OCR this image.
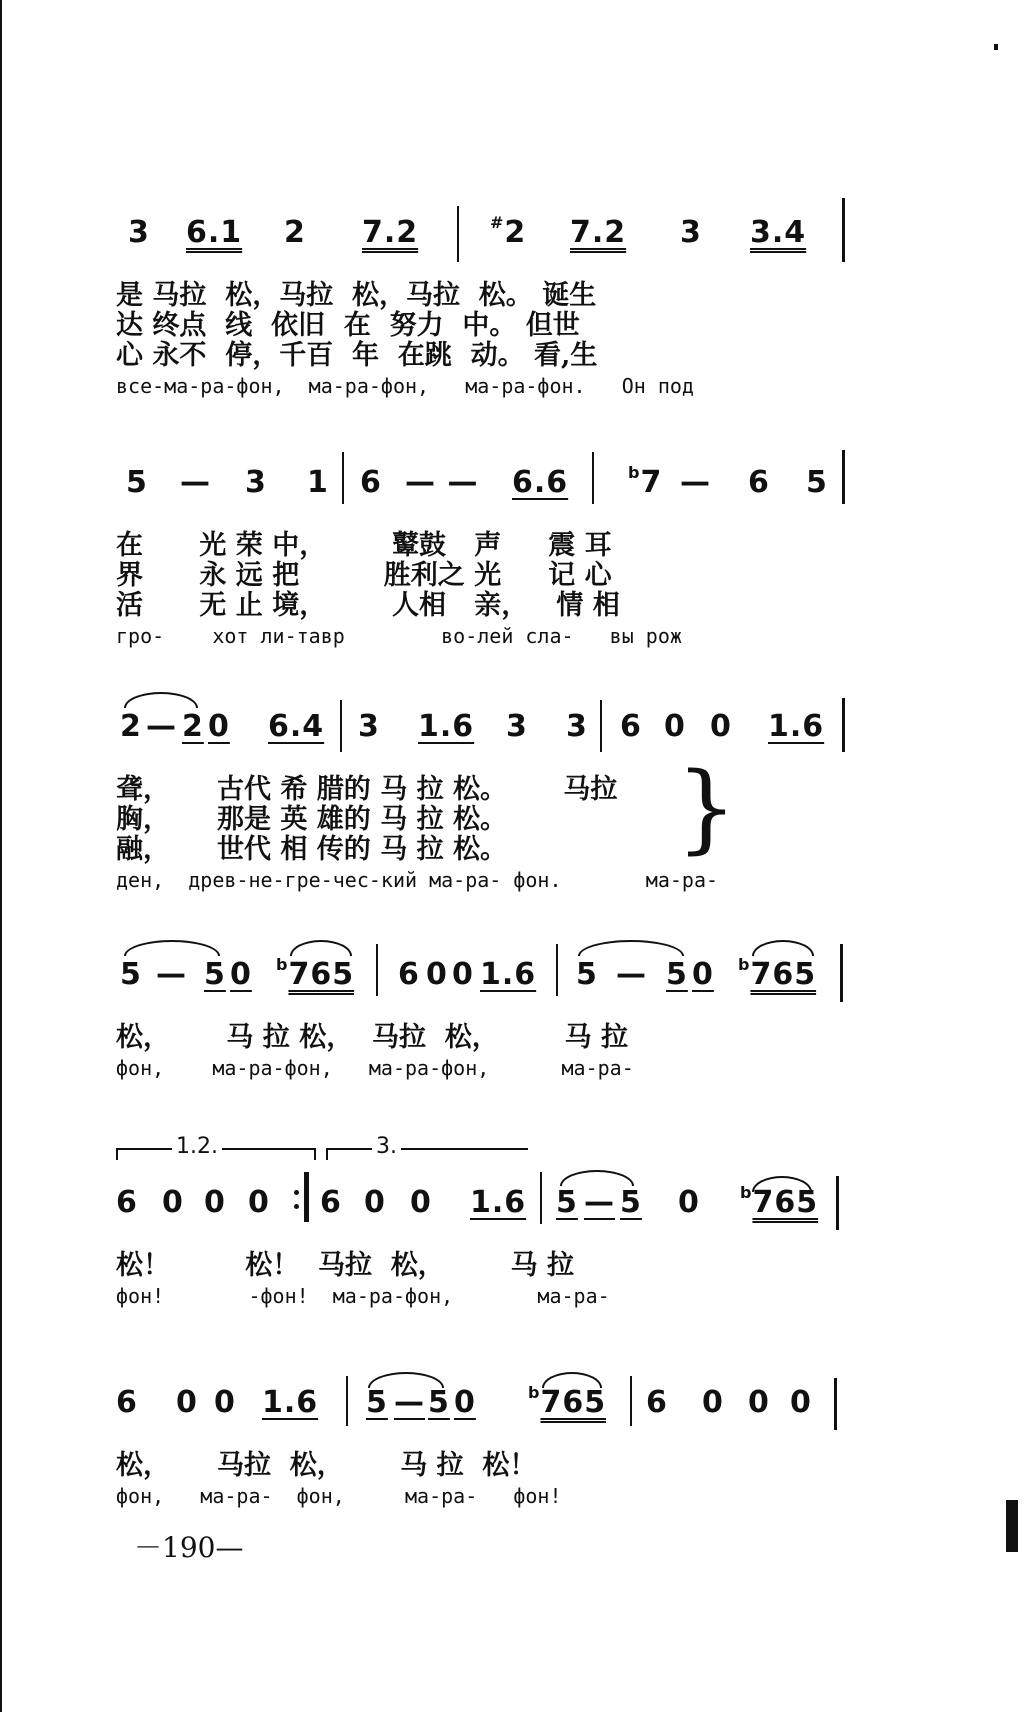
3 6.1 2 7.2	#2 7.2 3 3.4
是 马拉  松，马拉  松，马拉  松。 诞生
达 终点  线  依旧  在  努力  中。 但世
心 永不  停，千百  年  在跳  动。 看,生
все-ма-ра-фон,  ма-ра-фон,   ма-ра-фон.   Он под
5 — 3 1 6 — — 6.6	$^b$7 — 6 5
在      光 荣 中，       鼙鼓   声     震 耳
界      永 远 把         胜利之 光     记 心
活      无 止 境，       人相   亲，   情 相
гро-    хот ли-тавр        во-лей сла-   вы рож
2 — 2 0 6.4 3 1.6 3 3 6 0 0 1.6
聋，     古代 希 腊的 马 拉 松。      马拉
胸，     那是 英 雄的 马 拉 松。
融，     世代 相 传的 马 拉 松。
ден,  древ-не-гре-чес-кий ма-ра- фон.       ма-ра-
5 — 5 0 $^b$765 6 0 0 1.6 5 — 5 0 $^b$765
松，      马 拉 松，  马拉  松，       马 拉
фон,    ма-ра-фон,   ма-ра-фон,      ма-ра-
6 0 0 0 6 0 0 1.6 5 — 5 0	$^b$765
松！        松！  马拉  松，       马 拉
фон!       -фон!  ма-ра-фон,       ма-ра-
6 0 0 1.6 5 — 5 0	$^b$765 6 0 0 0
松，     马拉  松，      马 拉  松！
фон,   ма-ра-  фон,     ма-ра-   фон!
}
1.2.	3.
－190—
